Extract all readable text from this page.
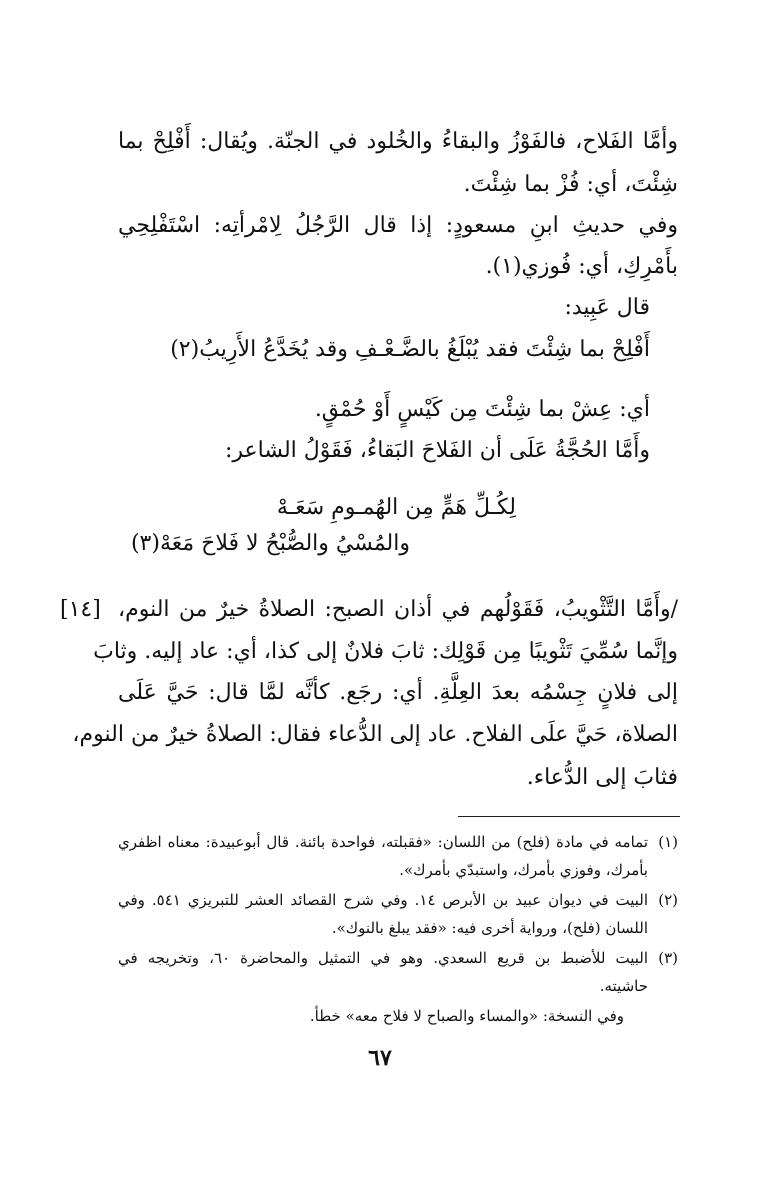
وأمَّا الفَلاح، فالفَوْزُ والبقاءُ والخُلود في الجنّة. ويُقال: أَفْلِحْ بما
شِئْتَ، أي: فُزْ بما شِئْتَ.
وفي حديثِ ابنِ مسعودٍ: إذا قال الرَّجُلُ لِامْرأتِه: اسْتَفْلِحِي
بأَمْرِكِ، أي: فُوزي(١).
قال عَبِيد:
أَفْلِحْ بما شِئْتَ فقد يُبْلَغُ بالضَّـعْـفِ وقد يُخَدَّعُ الأَرِيبُ(٢)
أي: عِشْ بما شِئْتَ مِن كَيْسٍ أَوْ حُمْقٍ.
وأَمَّا الحُجَّةُ عَلَى أن الفَلاحَ البَقاءُ، فَقَوْلُ الشاعر:
لِكُـلِّ هَمٍّ مِن الهُمـومِ سَعَـهْ
والمُسْيُ والصُّبْحُ لا فَلاحَ مَعَهْ(٣)
[١٤] /وأَمَّا التَّثْويبُ، فَقَوْلُهم في أذان الصبح: الصلاةُ خيرٌ من النوم،
وإنَّما سُمِّيَ تَثْويبًا مِن قَوْلِك: ثابَ فلانٌ إلى كذا، أي: عاد إليه. وثابَ
إلى فلانٍ جِسْمُه بعدَ العِلَّةِ. أي: رجَع. كأنَّه لمَّا قال: حَيَّ عَلَى
الصلاة، حَيَّ علَى الفلاح. عاد إلى الدُّعاء فقال: الصلاةُ خيرٌ من النوم،
فثابَ إلى الدُّعاء.
(١)
تمامه في مادة (فلح) من اللسان: «فقبلته، فواحدة بائنة. قال أبوعبيدة: معناه اظفري
بأمرك، وفوزي بأمرك، واستبدّي بأمرك».
(٢)
البيت في ديوان عبيد بن الأبرص ١٤. وفي شرح القصائد العشر للتبريزي ٥٤١. وفي
اللسان (فلح)، ورواية أخرى فيه: «فقد يبلغ بالنوك».
(٣)
البيت للأضبط بن قريع السعدي. وهو في التمثيل والمحاضرة ٦٠، وتخريجه في
حاشيته.
وفي النسخة: «والمساء والصباح لا فلاح معه» خطأ.
٦٧
